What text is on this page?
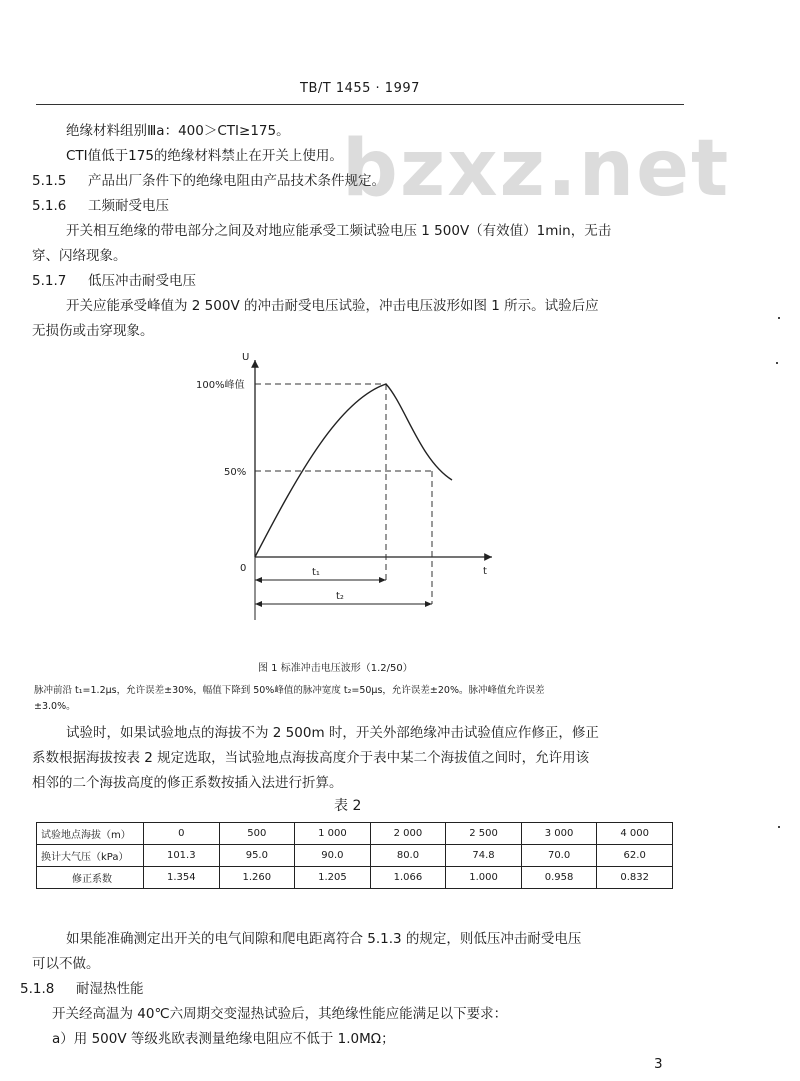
TB/T 1455 · 1997
bzxz.net
绝缘材料组别Ⅲa：400＞CTI≥175。
CTI值低于175的绝缘材料禁止在开关上使用。
5.1.5 产品出厂条件下的绝缘电阻由产品技术条件规定。
5.1.6 工频耐受电压
开关相互绝缘的带电部分之间及对地应能承受工频试验电压 1 500V（有效值）1min，无击
穿、闪络现象。
5.1.7 低压冲击耐受电压
开关应能承受峰值为 2 500V 的冲击耐受电压试验，冲击电压波形如图 1 所示。试验后应
无损伤或击穿现象。
U
t
0
100%峰值
50%
t₁
t₂
图 1 标准冲击电压波形（1.2/50）
脉冲前沿 t₁=1.2μs，允许误差±30%，幅值下降到 50%峰值的脉冲宽度 t₂=50μs，允许误差±20%。脉冲峰值允许误差
±3.0%。
试验时，如果试验地点的海拔不为 2 500m 时，开关外部绝缘冲击试验值应作修正，修正
系数根据海拔按表 2 规定选取，当试验地点海拔高度介于表中某二个海拔值之间时，允许用该
相邻的二个海拔高度的修正系数按插入法进行折算。
表 2
试验地点海拔（m）	0	500	1 000	2 000	2 500	3 000	4 000
换计大气压（kPa）	101.3	95.0	90.0	80.0	74.8	70.0	62.0
修正系数	1.354	1.260	1.205	1.066	1.000	0.958	0.832
如果能准确测定出开关的电气间隙和爬电距离符合 5.1.3 的规定，则低压冲击耐受电压
可以不做。
5.1.8 耐湿热性能
开关经高温为 40℃六周期交变湿热试验后，其绝缘性能应能满足以下要求：
a）用 500V 等级兆欧表测量绝缘电阻应不低于 1.0MΩ；
3
